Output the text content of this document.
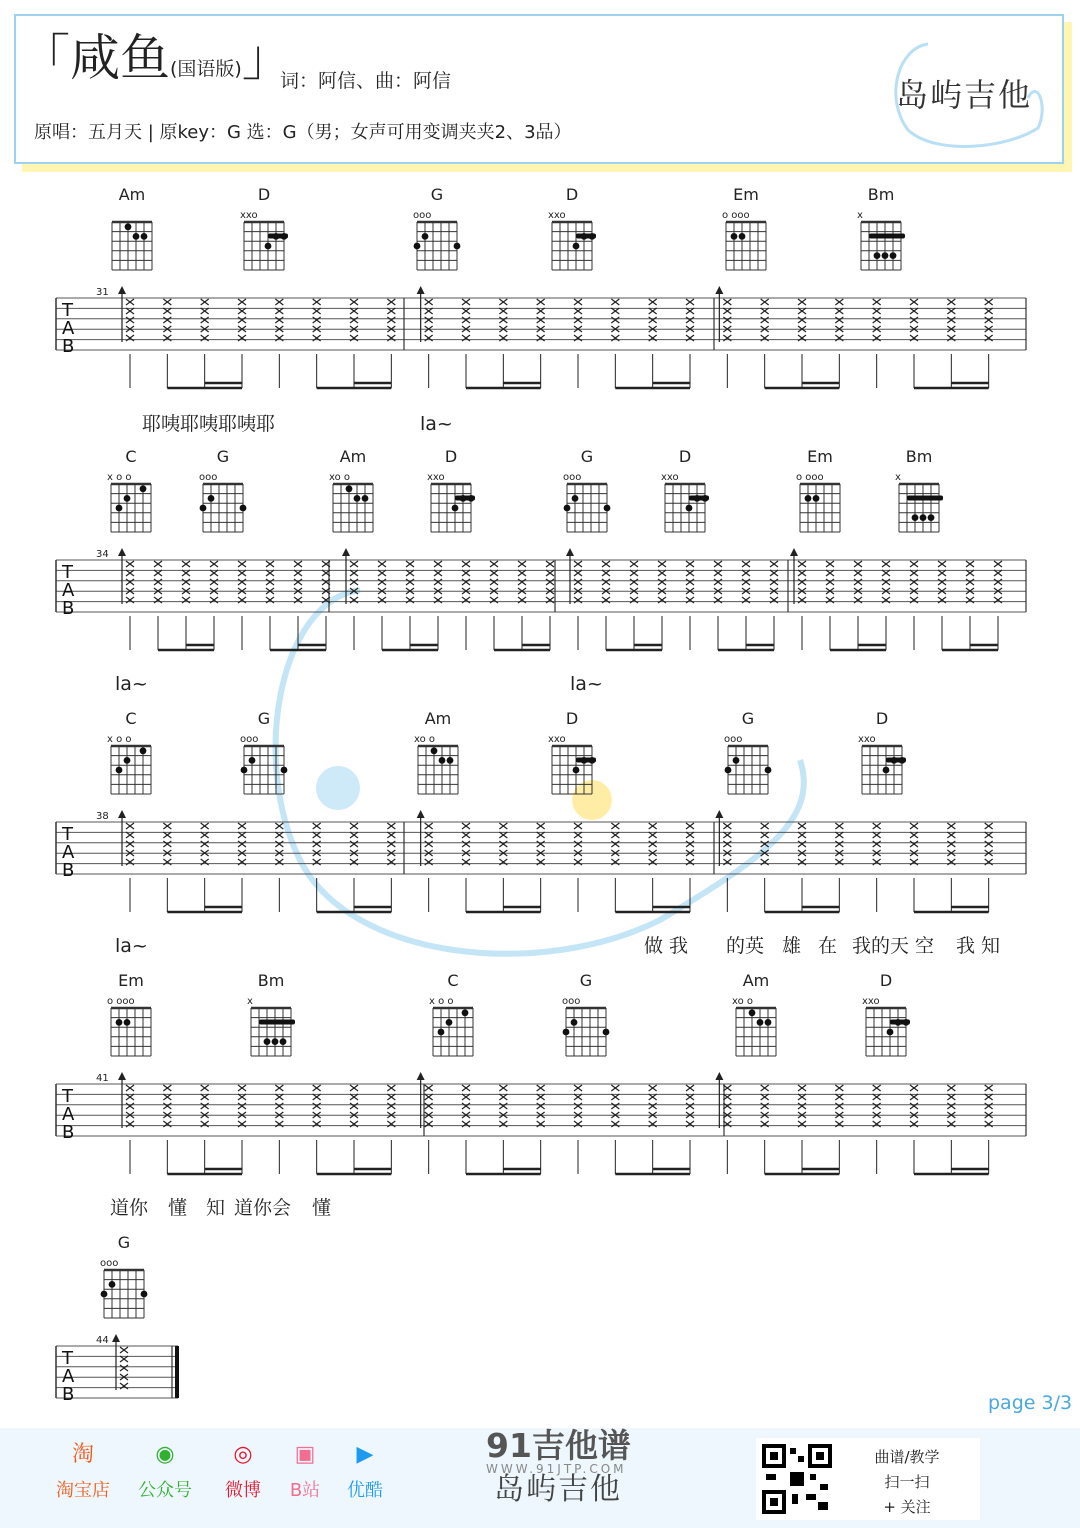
「咸鱼(国语版)」
词：阿信、曲：阿信
原唱：五月天 | 原key：G 选：G（男；女声可用变调夹夹2、3品）
岛屿吉他
Am	D
xxo
G
ooo
D
xxo
Em
o ooo
Bm
x
T
A
B
31
耶咦耶咦耶咦耶	la~
C
x o o
G
ooo
Am
xo o
D
xxo
G
ooo
D
xxo
Em
o ooo
Bm
x
T
A
B
34
la~	la~
C
x o o
G
ooo
Am
xo o
D
xxo
G
ooo
D
xxo
T
A
B
38
la~	做 我 的英 雄 在 我的天 空 我 知
Em
o ooo
Bm
x
C
x o o
G
ooo
Am
xo o
D
xxo
T
A
B
41
道你 懂 知 道你会 懂
G
ooo
T
A
B
44
page 3/3
淘
淘宝店
◉
公众号
◎
微博
▣
B站
▶
优酷
91吉他谱
WWW.91JTP.COM
岛屿吉他
曲谱/教学
扫一扫
+ 关注
